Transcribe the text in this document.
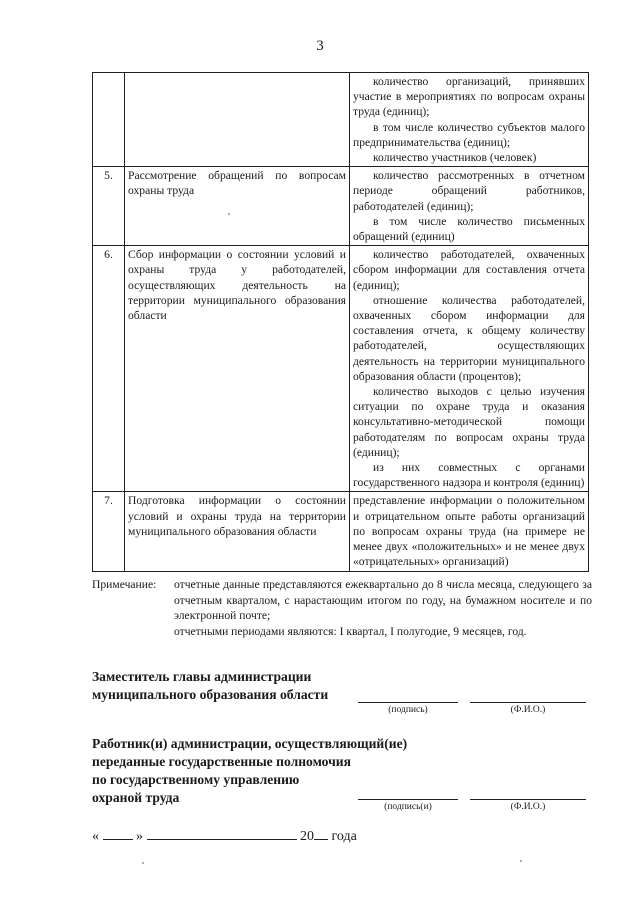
3

		количество организаций, принявших участие в мероприятиях по вопросам охраны труда (единиц);

в том числе количество субъектов малого предпринимательства (единиц);

количество участников (человек)

5.	Рассмотрение обращений по вопросам охраны труда	количество рассмотренных в отчетном периоде обращений работников, работодателей (единиц);

в том числе количество письменных обращений (единиц)

6.	Сбор информации о состоянии условий и охраны труда у работодателей, осуществляющих деятельность на территории муниципального образования области	количество работодателей, охваченных сбором информации для составления отчета (единиц);

отношение количества работодателей, охваченных сбором информации для составления отчета, к общему количеству работодателей, осуществляющих деятельность на территории муниципального образования области (процентов);

количество выходов с целью изучения ситуации по охране труда и оказания консультативно-методической помощи работодателям по вопросам охраны труда (единиц);

из них совместных с органами государственного надзора и контроля (единиц)

7.	Подготовка информации о состоянии условий и охраны труда на территории муниципального образования области	представление информации о положительном и отрицательном опыте работы организаций по вопросам охраны труда (на примере не менее двух «положительных» и не менее двух «отрицательных» организаций)

Примечание: отчетные данные представляются ежеквартально до 8 числа месяца, следующего за отчетным кварталом, с нарастающим итогом по году, на бумажном носителе и по электронной почте;

отчетными периодами являются: I квартал, I полугодие, 9 месяцев, год.

Заместитель главы администрации
муниципального образования области
(подпись)	(Ф.И.О.)
Работник(и) администрации, осуществляющий(ие)
переданные государственные полномочия
по государственному управлению
охраной труда
(подпись(и)	(Ф.И.О.)
«	»	20 года
